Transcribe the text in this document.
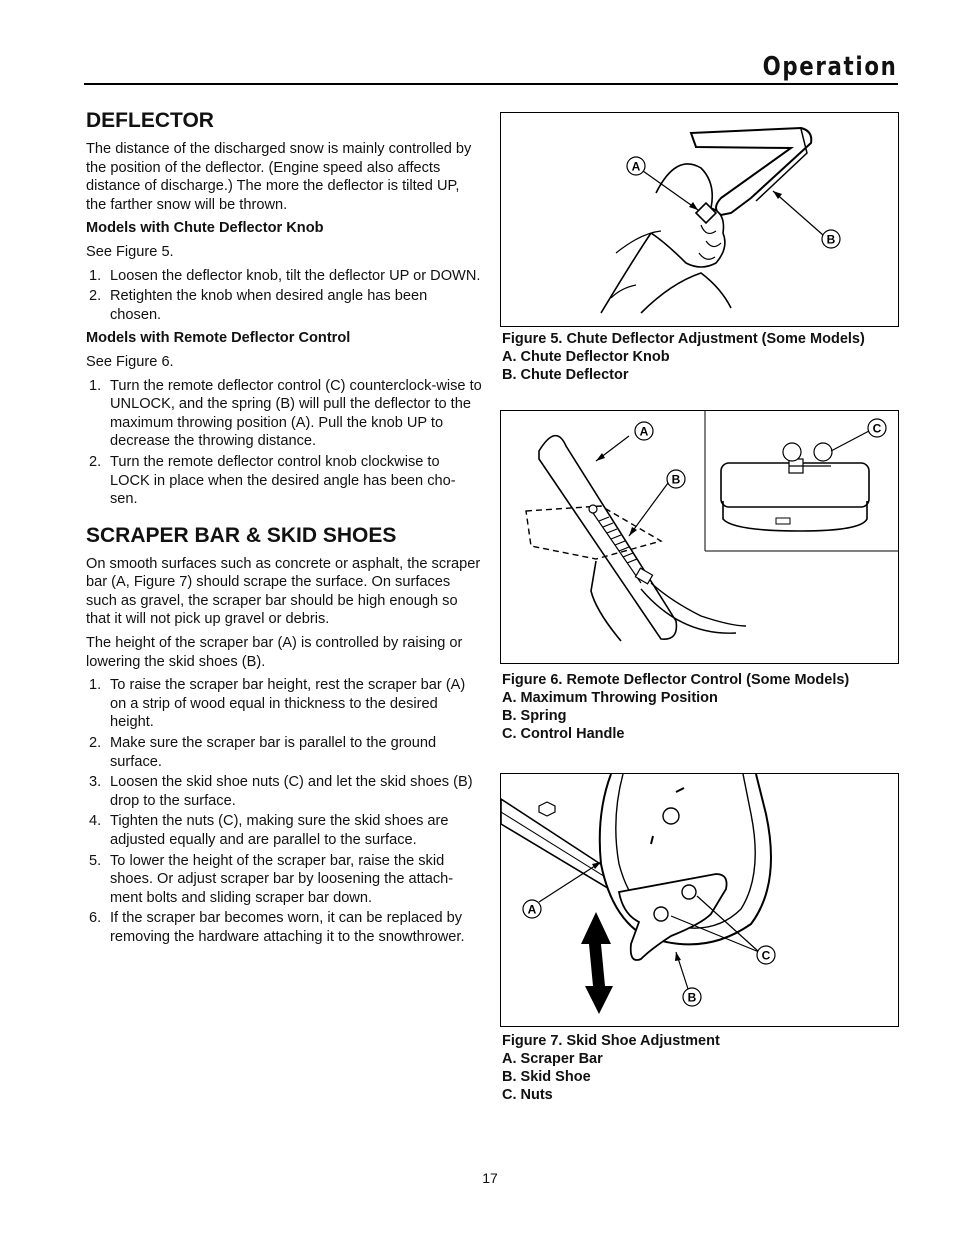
Operation
DEFLECTOR

The distance of the discharged snow is mainly controlled by the position of the deflector. (Engine speed also affects distance of discharge.) The more the deflector is tilted UP, the farther snow will be thrown.

Models with Chute Deflector Knob

See Figure 5.

1. Loosen the deflector knob, tilt the deflector UP or DOWN.
2. Retighten the knob when desired angle has been chosen.

Models with Remote Deflector Control

See Figure 6.

1. Turn the remote deflector control (C) counterclock-wise to UNLOCK, and the spring (B) will pull the deflector to the maximum throwing position (A). Pull the knob UP to decrease the throwing distance.
2. Turn the remote deflector control knob clockwise to LOCK in place when the desired angle has been cho-sen.
SCRAPER BAR & SKID SHOES

On smooth surfaces such as concrete or asphalt, the scraper bar (A, Figure 7) should scrape the surface. On surfaces such as gravel, the scraper bar should be high enough so that it will not pick up gravel or debris.

The height of the scraper bar (A) is controlled by raising or lowering the skid shoes (B).

1. To raise the scraper bar height, rest the scraper bar (A) on a strip of wood equal in thickness to the desired height.
2. Make sure the scraper bar is parallel to the ground surface.
3. Loosen the skid shoe nuts (C) and let the skid shoes (B) drop to the surface.
4. Tighten the nuts (C), making sure the skid shoes are adjusted equally and are parallel to the surface.
5. To lower the height of the scraper bar, raise the skid shoes. Or adjust scraper bar by loosening the attach-ment bolts and sliding scraper bar down.
6. If the scraper bar becomes worn, it can be replaced by removing the hardware attaching it to the snowthrower.
A
B
Figure 5. Chute Deflector Adjustment (Some Models)
A. Chute Deflector Knob
B. Chute Deflector
A
B
C
Figure 6. Remote Deflector Control (Some Models)
A. Maximum Throwing Position
B. Spring
C. Control Handle
A
B
C
Figure 7. Skid Shoe Adjustment
A. Scraper Bar
B. Skid Shoe
C. Nuts
17
